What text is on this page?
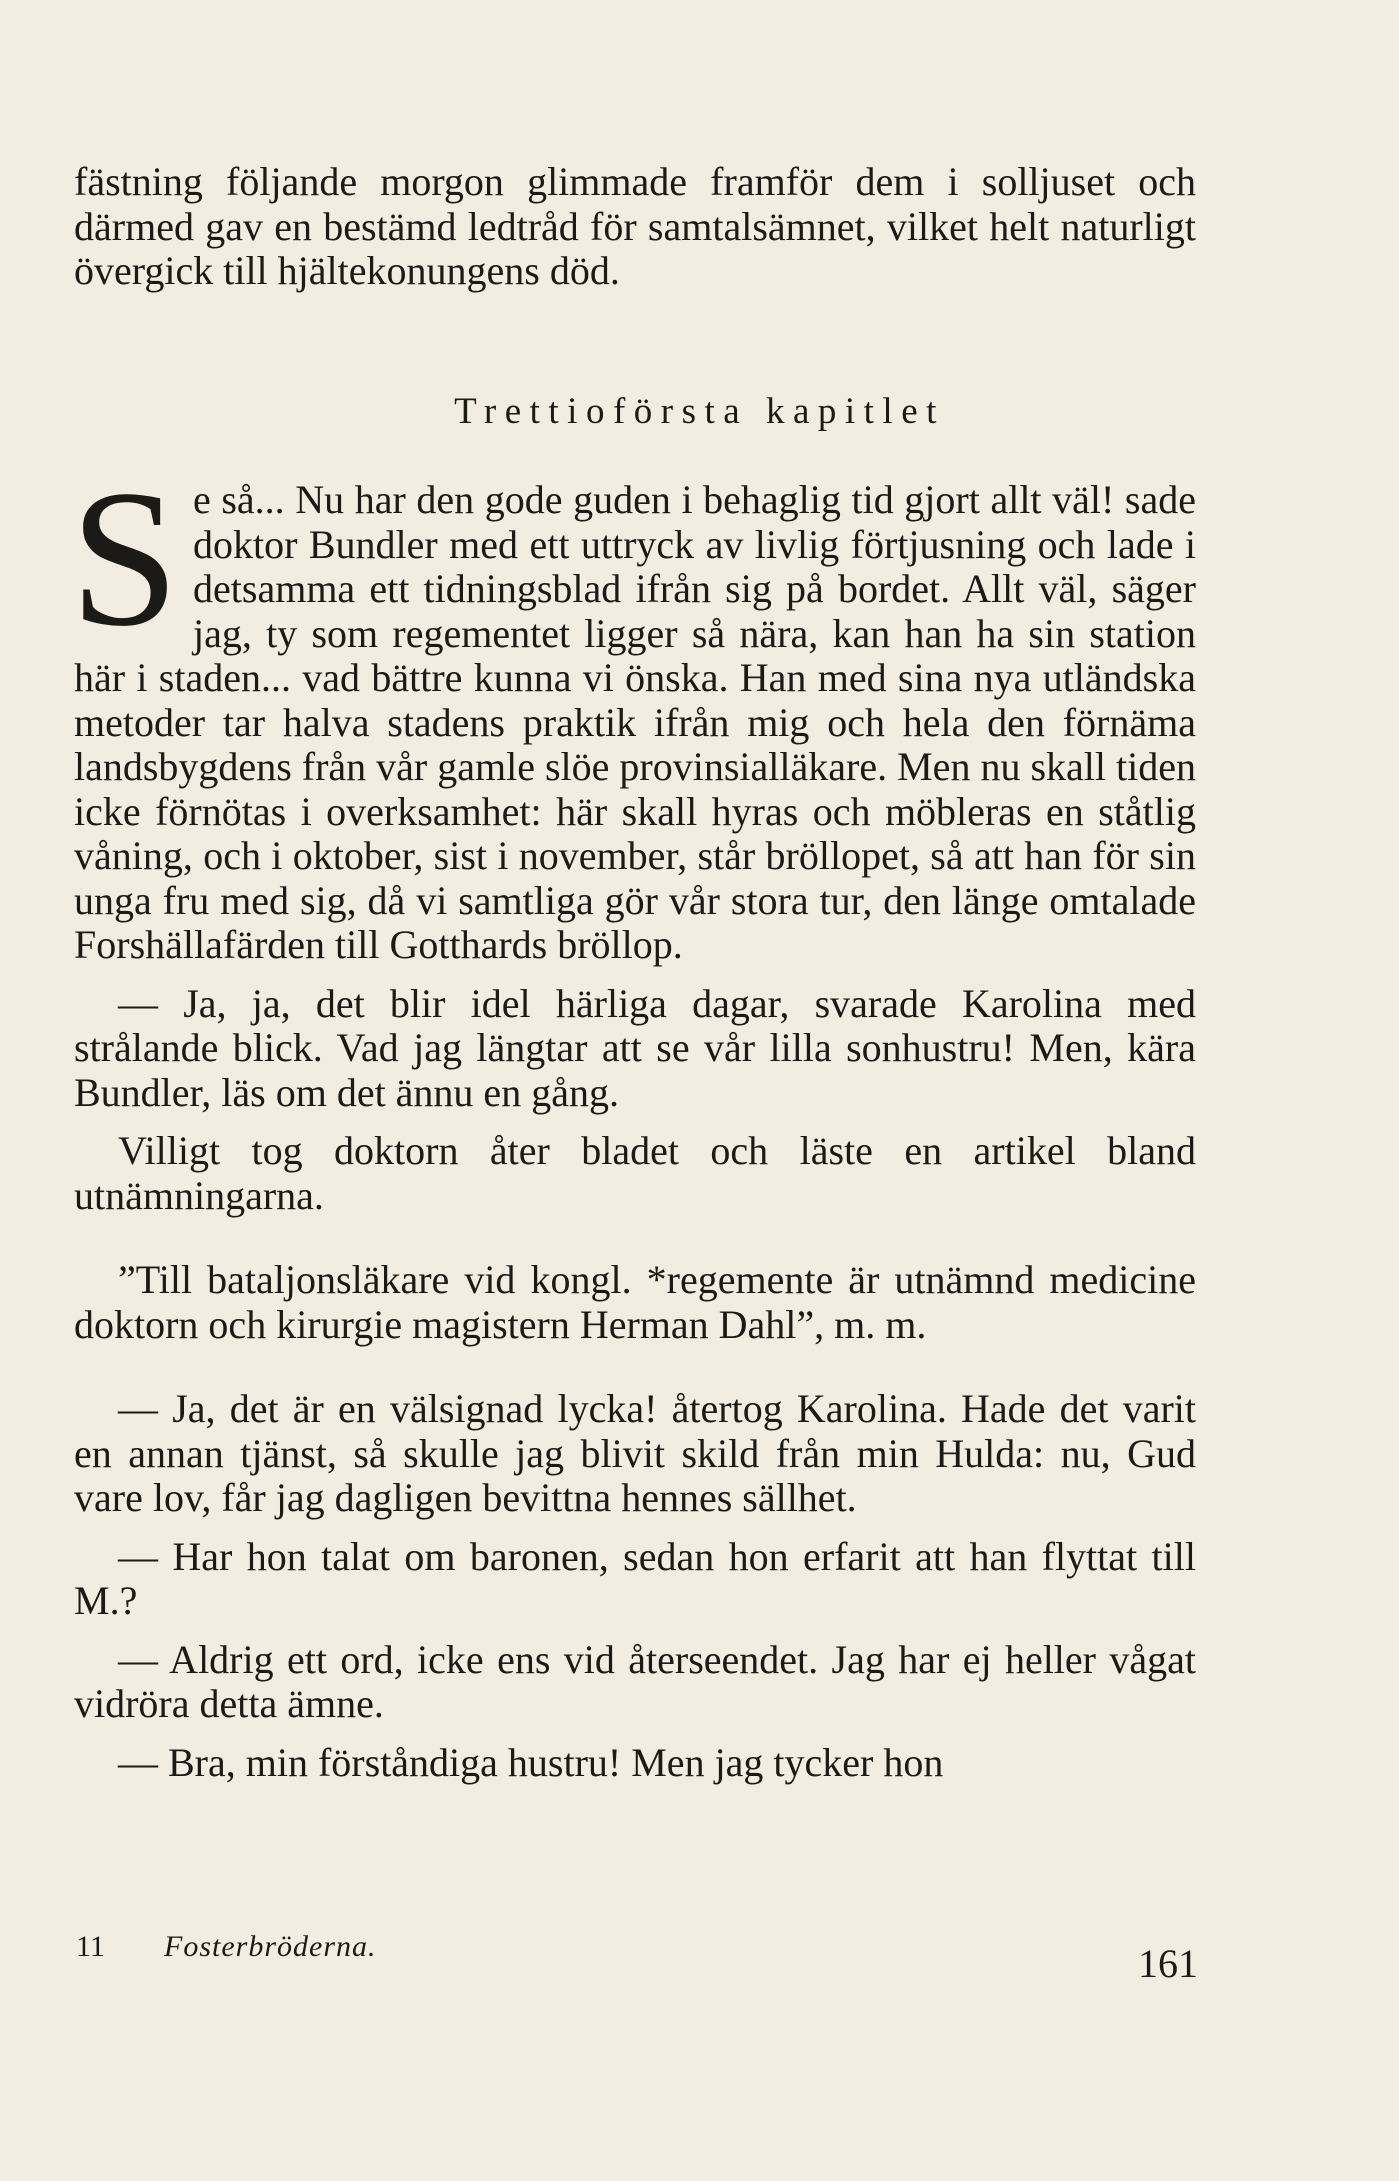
fästning följande morgon glimmade framför dem i solljuset och därmed gav en bestämd ledtråd för samtalsämnet, vilket helt naturligt övergick till hjältekonungens död.

Trettioförsta kapitlet

Se så... Nu har den gode guden i behaglig tid gjort allt väl! sade doktor Bundler med ett uttryck av livlig förtjusning och lade i detsamma ett tidningsblad ifrån sig på bordet. Allt väl, säger jag, ty som regementet ligger så nära, kan han ha sin station här i staden... vad bättre kunna vi önska. Han med sina nya utländska metoder tar halva stadens praktik ifrån mig och hela den förnäma landsbygdens från vår gamle slöe provinsialläkare. Men nu skall tiden icke förnötas i overksamhet: här skall hyras och möbleras en ståtlig våning, och i oktober, sist i november, står bröllopet, så att han för sin unga fru med sig, då vi samtliga gör vår stora tur, den länge omtalade Forshällafärden till Gotthards bröllop.

— Ja, ja, det blir idel härliga dagar, svarade Karolina med strålande blick. Vad jag längtar att se vår lilla sonhustru! Men, kära Bundler, läs om det ännu en gång.

Villigt tog doktorn åter bladet och läste en artikel bland utnämningarna.

”Till bataljonsläkare vid kongl. *regemente är utnämnd medicine doktorn och kirurgie magistern Herman Dahl”, m. m.

— Ja, det är en välsignad lycka! återtog Karolina. Hade det varit en annan tjänst, så skulle jag blivit skild från min Hulda: nu, Gud vare lov, får jag dagligen bevittna hennes sällhet.

— Har hon talat om baronen, sedan hon erfarit att han flyttat till M.?

— Aldrig ett ord, icke ens vid återseendet. Jag har ej heller vågat vidröra detta ämne.

— Bra, min förståndiga hustru! Men jag tycker hon

11 Fosterbröderna.	161
